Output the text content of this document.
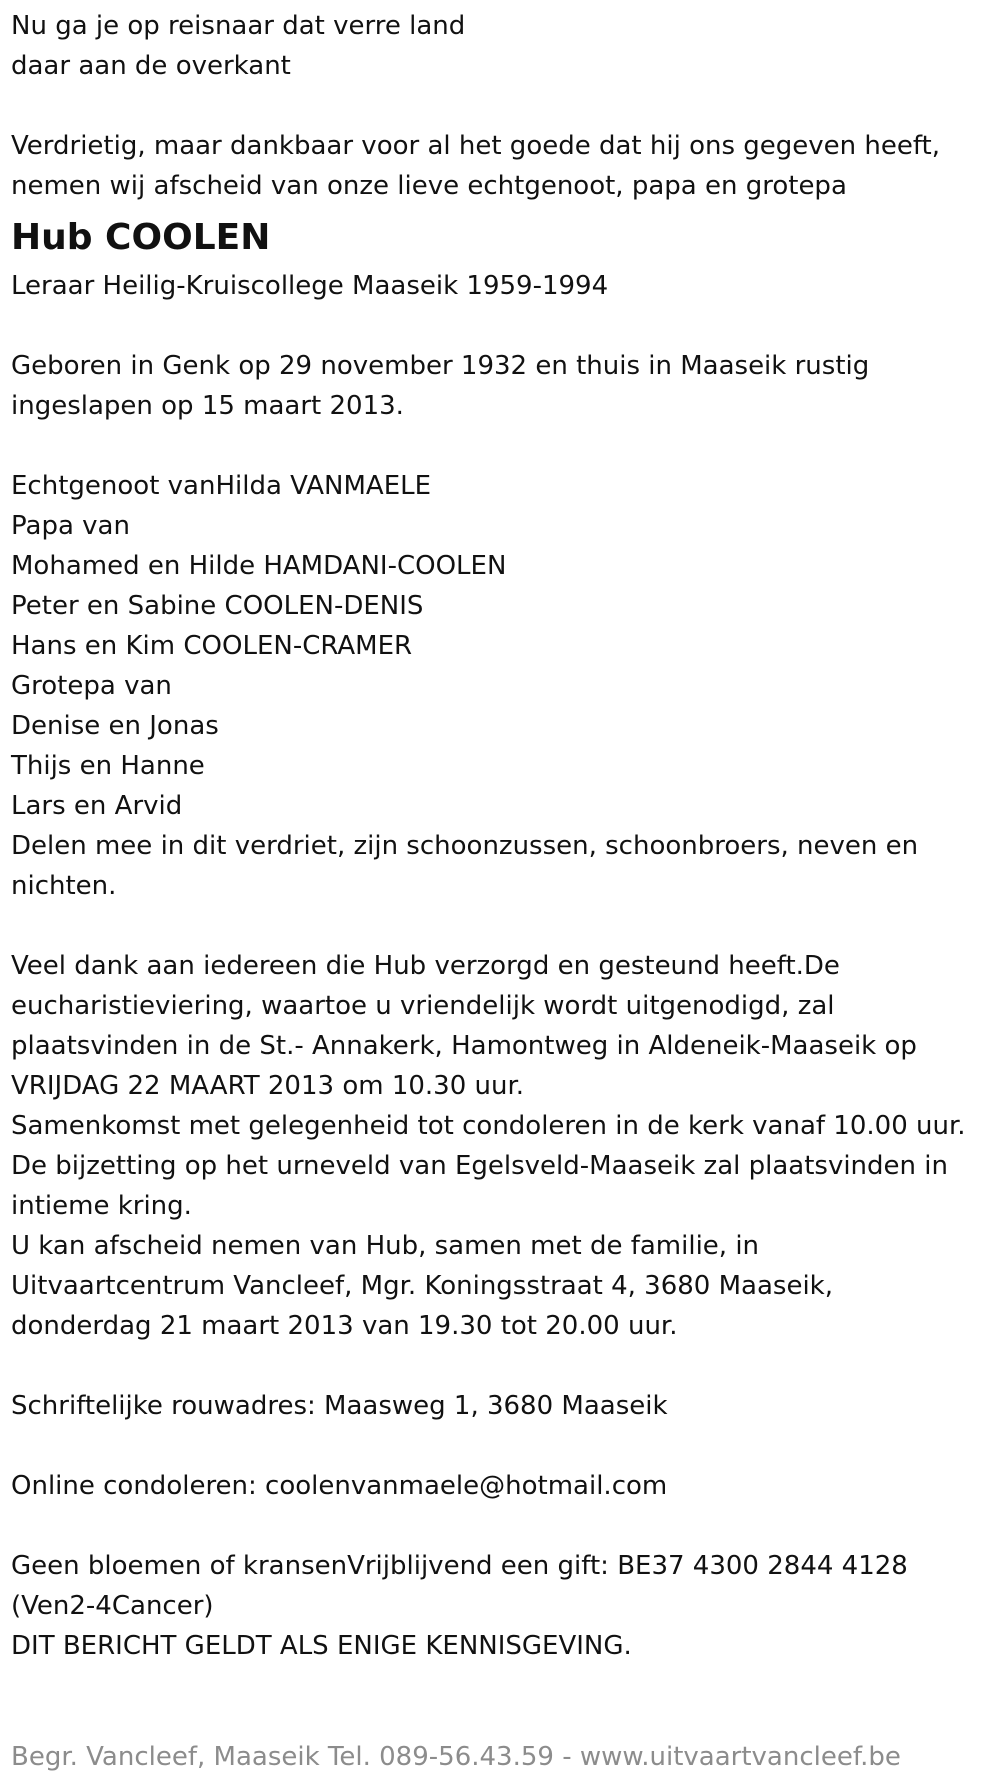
Nu ga je op reisnaar dat verre land
daar aan de overkant
Verdrietig, maar dankbaar voor al het goede dat hij ons gegeven heeft,
nemen wij afscheid van onze lieve echtgenoot, papa en grotepa
Hub COOLEN
Leraar Heilig-Kruiscollege Maaseik 1959-1994
Geboren in Genk op 29 november 1932 en thuis in Maaseik rustig
ingeslapen op 15 maart 2013.
Echtgenoot vanHilda VANMAELE
Papa van
Mohamed en Hilde HAMDANI-COOLEN
Peter en Sabine COOLEN-DENIS
Hans en Kim COOLEN-CRAMER
Grotepa van
Denise en Jonas
Thijs en Hanne
Lars en Arvid
Delen mee in dit verdriet, zijn schoonzussen, schoonbroers, neven en
nichten.
Veel dank aan iedereen die Hub verzorgd en gesteund heeft.De
eucharistieviering, waartoe u vriendelijk wordt uitgenodigd, zal
plaatsvinden in de St.- Annakerk, Hamontweg in Aldeneik-Maaseik op
VRIJDAG 22 MAART 2013 om 10.30 uur.
Samenkomst met gelegenheid tot condoleren in de kerk vanaf 10.00 uur.
De bijzetting op het urneveld van Egelsveld-Maaseik zal plaatsvinden in
intieme kring.
U kan afscheid nemen van Hub, samen met de familie, in
Uitvaartcentrum Vancleef, Mgr. Koningsstraat 4, 3680 Maaseik,
donderdag 21 maart 2013 van 19.30 tot 20.00 uur.
Schriftelijke rouwadres: Maasweg 1, 3680 Maaseik
Online condoleren: coolenvanmaele@hotmail.com
Geen bloemen of kransenVrijblijvend een gift: BE37 4300 2844 4128
(Ven2-4Cancer)
DIT BERICHT GELDT ALS ENIGE KENNISGEVING.
Begr. Vancleef, Maaseik Tel. 089-56.43.59 - www.uitvaartvancleef.be
